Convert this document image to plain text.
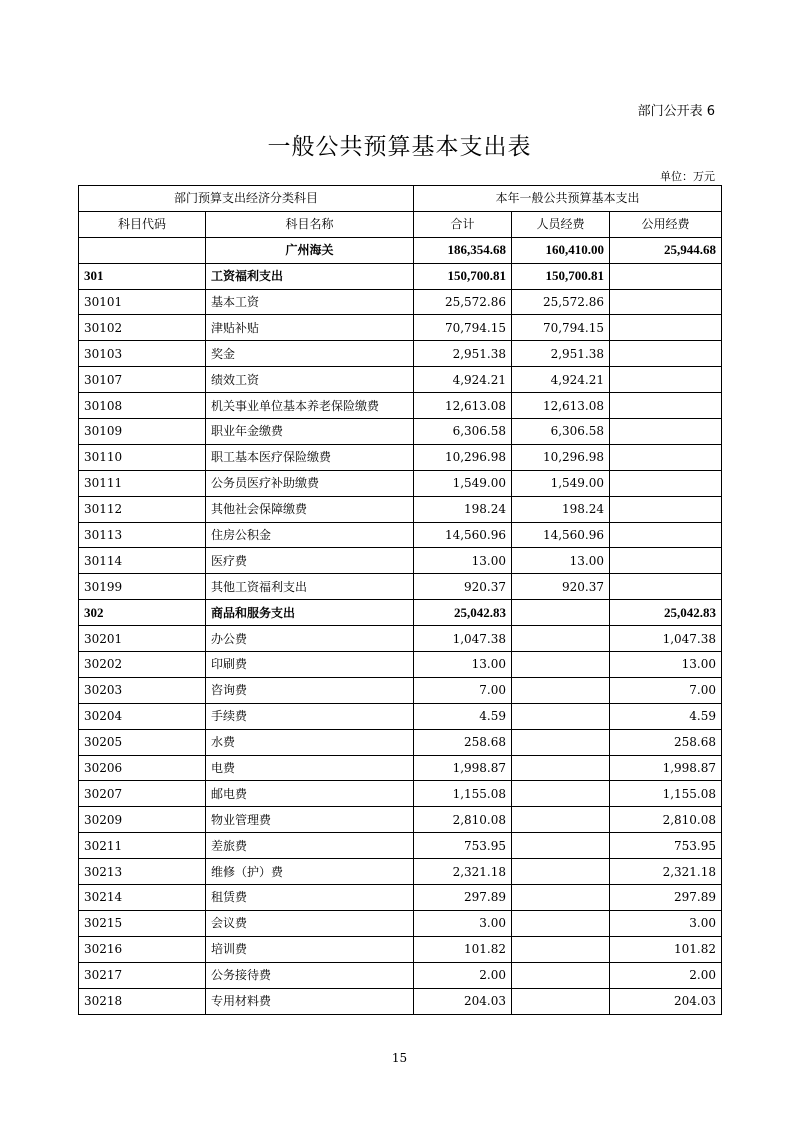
部门公开表 6
一般公共预算基本支出表
单位：万元
部门预算支出经济分类科目		本年一般公共预算基本支出		
科目代码	科目名称	合计	人员经费	公用经费
	广州海关	186,354.68	160,410.00	25,944.68
301	工资福利支出	150,700.81	150,700.81	
30101	基本工资	25,572.86	25,572.86	
30102	津贴补贴	70,794.15	70,794.15	
30103	奖金	2,951.38	2,951.38	
30107	绩效工资	4,924.21	4,924.21	
30108	机关事业单位基本养老保险缴费	12,613.08	12,613.08	
30109	职业年金缴费	6,306.58	6,306.58	
30110	职工基本医疗保险缴费	10,296.98	10,296.98	
30111	公务员医疗补助缴费	1,549.00	1,549.00	
30112	其他社会保障缴费	198.24	198.24	
30113	住房公积金	14,560.96	14,560.96	
30114	医疗费	13.00	13.00	
30199	其他工资福利支出	920.37	920.37	
302	商品和服务支出	25,042.83		25,042.83
30201	办公费	1,047.38		1,047.38
30202	印刷费	13.00		13.00
30203	咨询费	7.00		7.00
30204	手续费	4.59		4.59
30205	水费	258.68		258.68
30206	电费	1,998.87		1,998.87
30207	邮电费	1,155.08		1,155.08
30209	物业管理费	2,810.08		2,810.08
30211	差旅费	753.95		753.95
30213	维修（护）费	2,321.18		2,321.18
30214	租赁费	297.89		297.89
30215	会议费	3.00		3.00
30216	培训费	101.82		101.82
30217	公务接待费	2.00		2.00
30218	专用材料费	204.03		204.03
15
